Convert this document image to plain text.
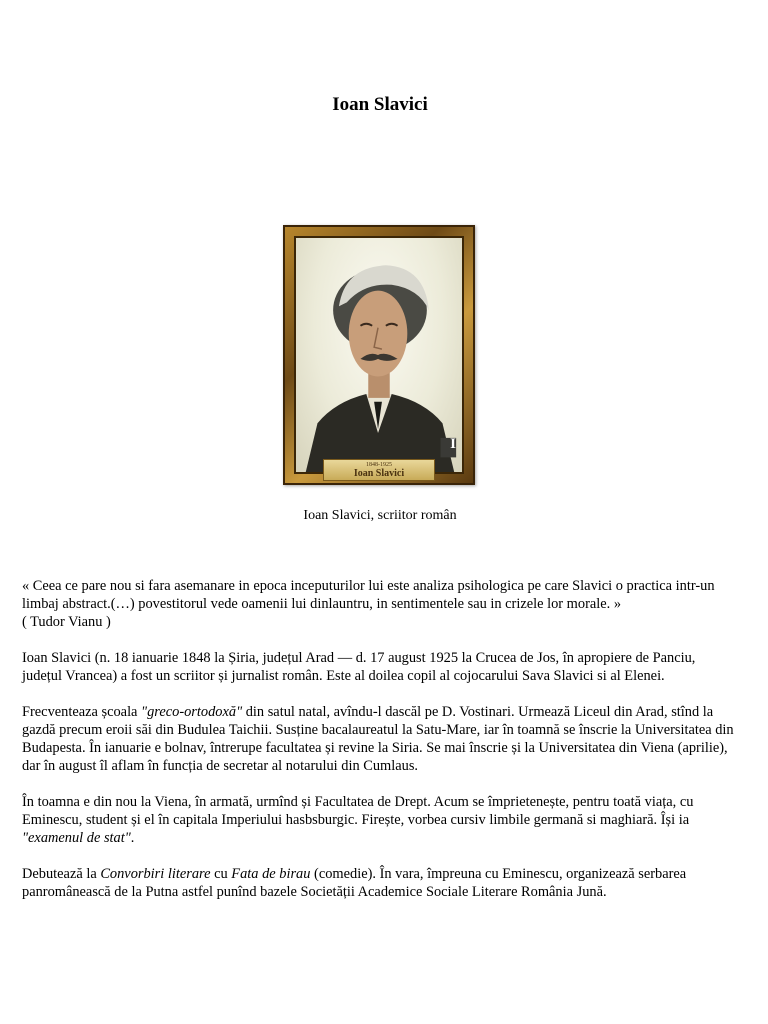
Ioan Slavici
1848-1925
Ioan Slavici
I
Ioan Slavici, scriitor român

« Ceea ce pare nou si fara asemanare in epoca inceputurilor lui este analiza psihologica pe care Slavici o practica intr-un limbaj abstract.(…) povestitorul vede oamenii lui dinlauntru, in sentimentele sau in crizele lor morale. »

( Tudor Vianu )

Ioan Slavici (n. 18 ianuarie 1848 la Șiria, județul Arad — d. 17 august 1925 la Crucea de Jos, în apropiere de Panciu, județul Vrancea) a fost un scriitor și jurnalist român. Este al doilea copil al cojocarului Sava Slavici si al Elenei.

Frecventeaza școala "greco-ortodoxă" din satul natal, avîndu-l dascăl pe D. Vostinari. Urmează Liceul din Arad, stînd la gazdă precum eroii săi din Budulea Taichii. Susține bacalaureatul la Satu-Mare, iar în toamnă se înscrie la Universitatea din Budapesta. În ianuarie e bolnav, întrerupe facultatea și revine la Siria. Se mai înscrie și la Universitatea din Viena (aprilie), dar în august îl aflam în funcția de secretar al notarului din Cumlaus.

În toamna e din nou la Viena, în armată, urmînd și Facultatea de Drept. Acum se împrietenește, pentru toată viața, cu Eminescu, student și el în capitala Imperiului hasbsburgic. Firește, vorbea cursiv limbile germană si maghiară. Își ia "examenul de stat".

Debutează la Convorbiri literare cu Fata de birau (comedie). În vara, împreuna cu Eminescu, organizează serbarea panromânească de la Putna astfel punînd bazele Societății Academice Sociale Literare România Jună.
